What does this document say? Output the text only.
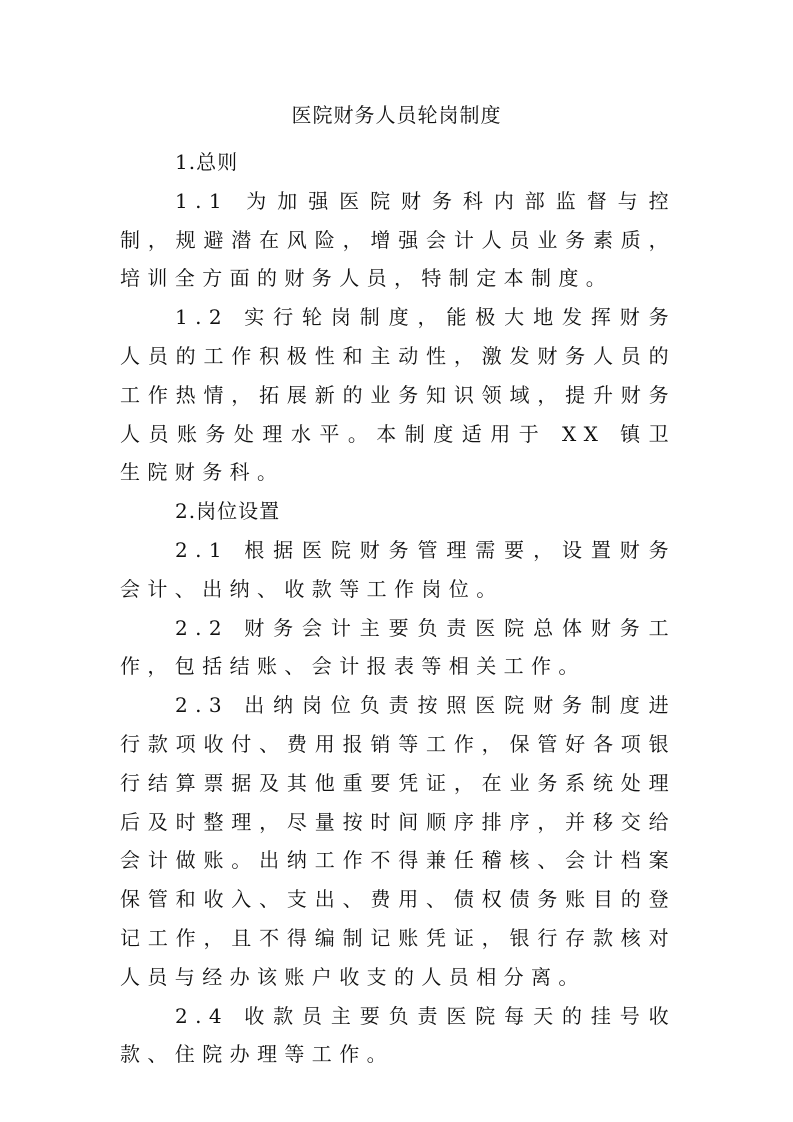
医院财务人员轮岗制度

1.总则

1.1 为加强医院财务科内部监督与控制，规避潜在风险，增强会计人员业务素质，培训全方面的财务人员，特制定本制度。

1.2 实行轮岗制度，能极大地发挥财务人员的工作积极性和主动性，激发财务人员的工作热情，拓展新的业务知识领域，提升财务人员账务处理水平。本制度适用于 XX 镇卫生院财务科。

2.岗位设置

2.1 根据医院财务管理需要，设置财务会计、出纳、收款等工作岗位。

2.2 财务会计主要负责医院总体财务工作，包括结账、会计报表等相关工作。

2.3 出纳岗位负责按照医院财务制度进行款项收付、费用报销等工作，保管好各项银行结算票据及其他重要凭证，在业务系统处理后及时整理，尽量按时间顺序排序，并移交给会计做账。出纳工作不得兼任稽核、会计档案保管和收入、支出、费用、债权债务账目的登记工作，且不得编制记账凭证，银行存款核对人员与经办该账户收支的人员相分离。

2.4 收款员主要负责医院每天的挂号收款、住院办理等工作。
